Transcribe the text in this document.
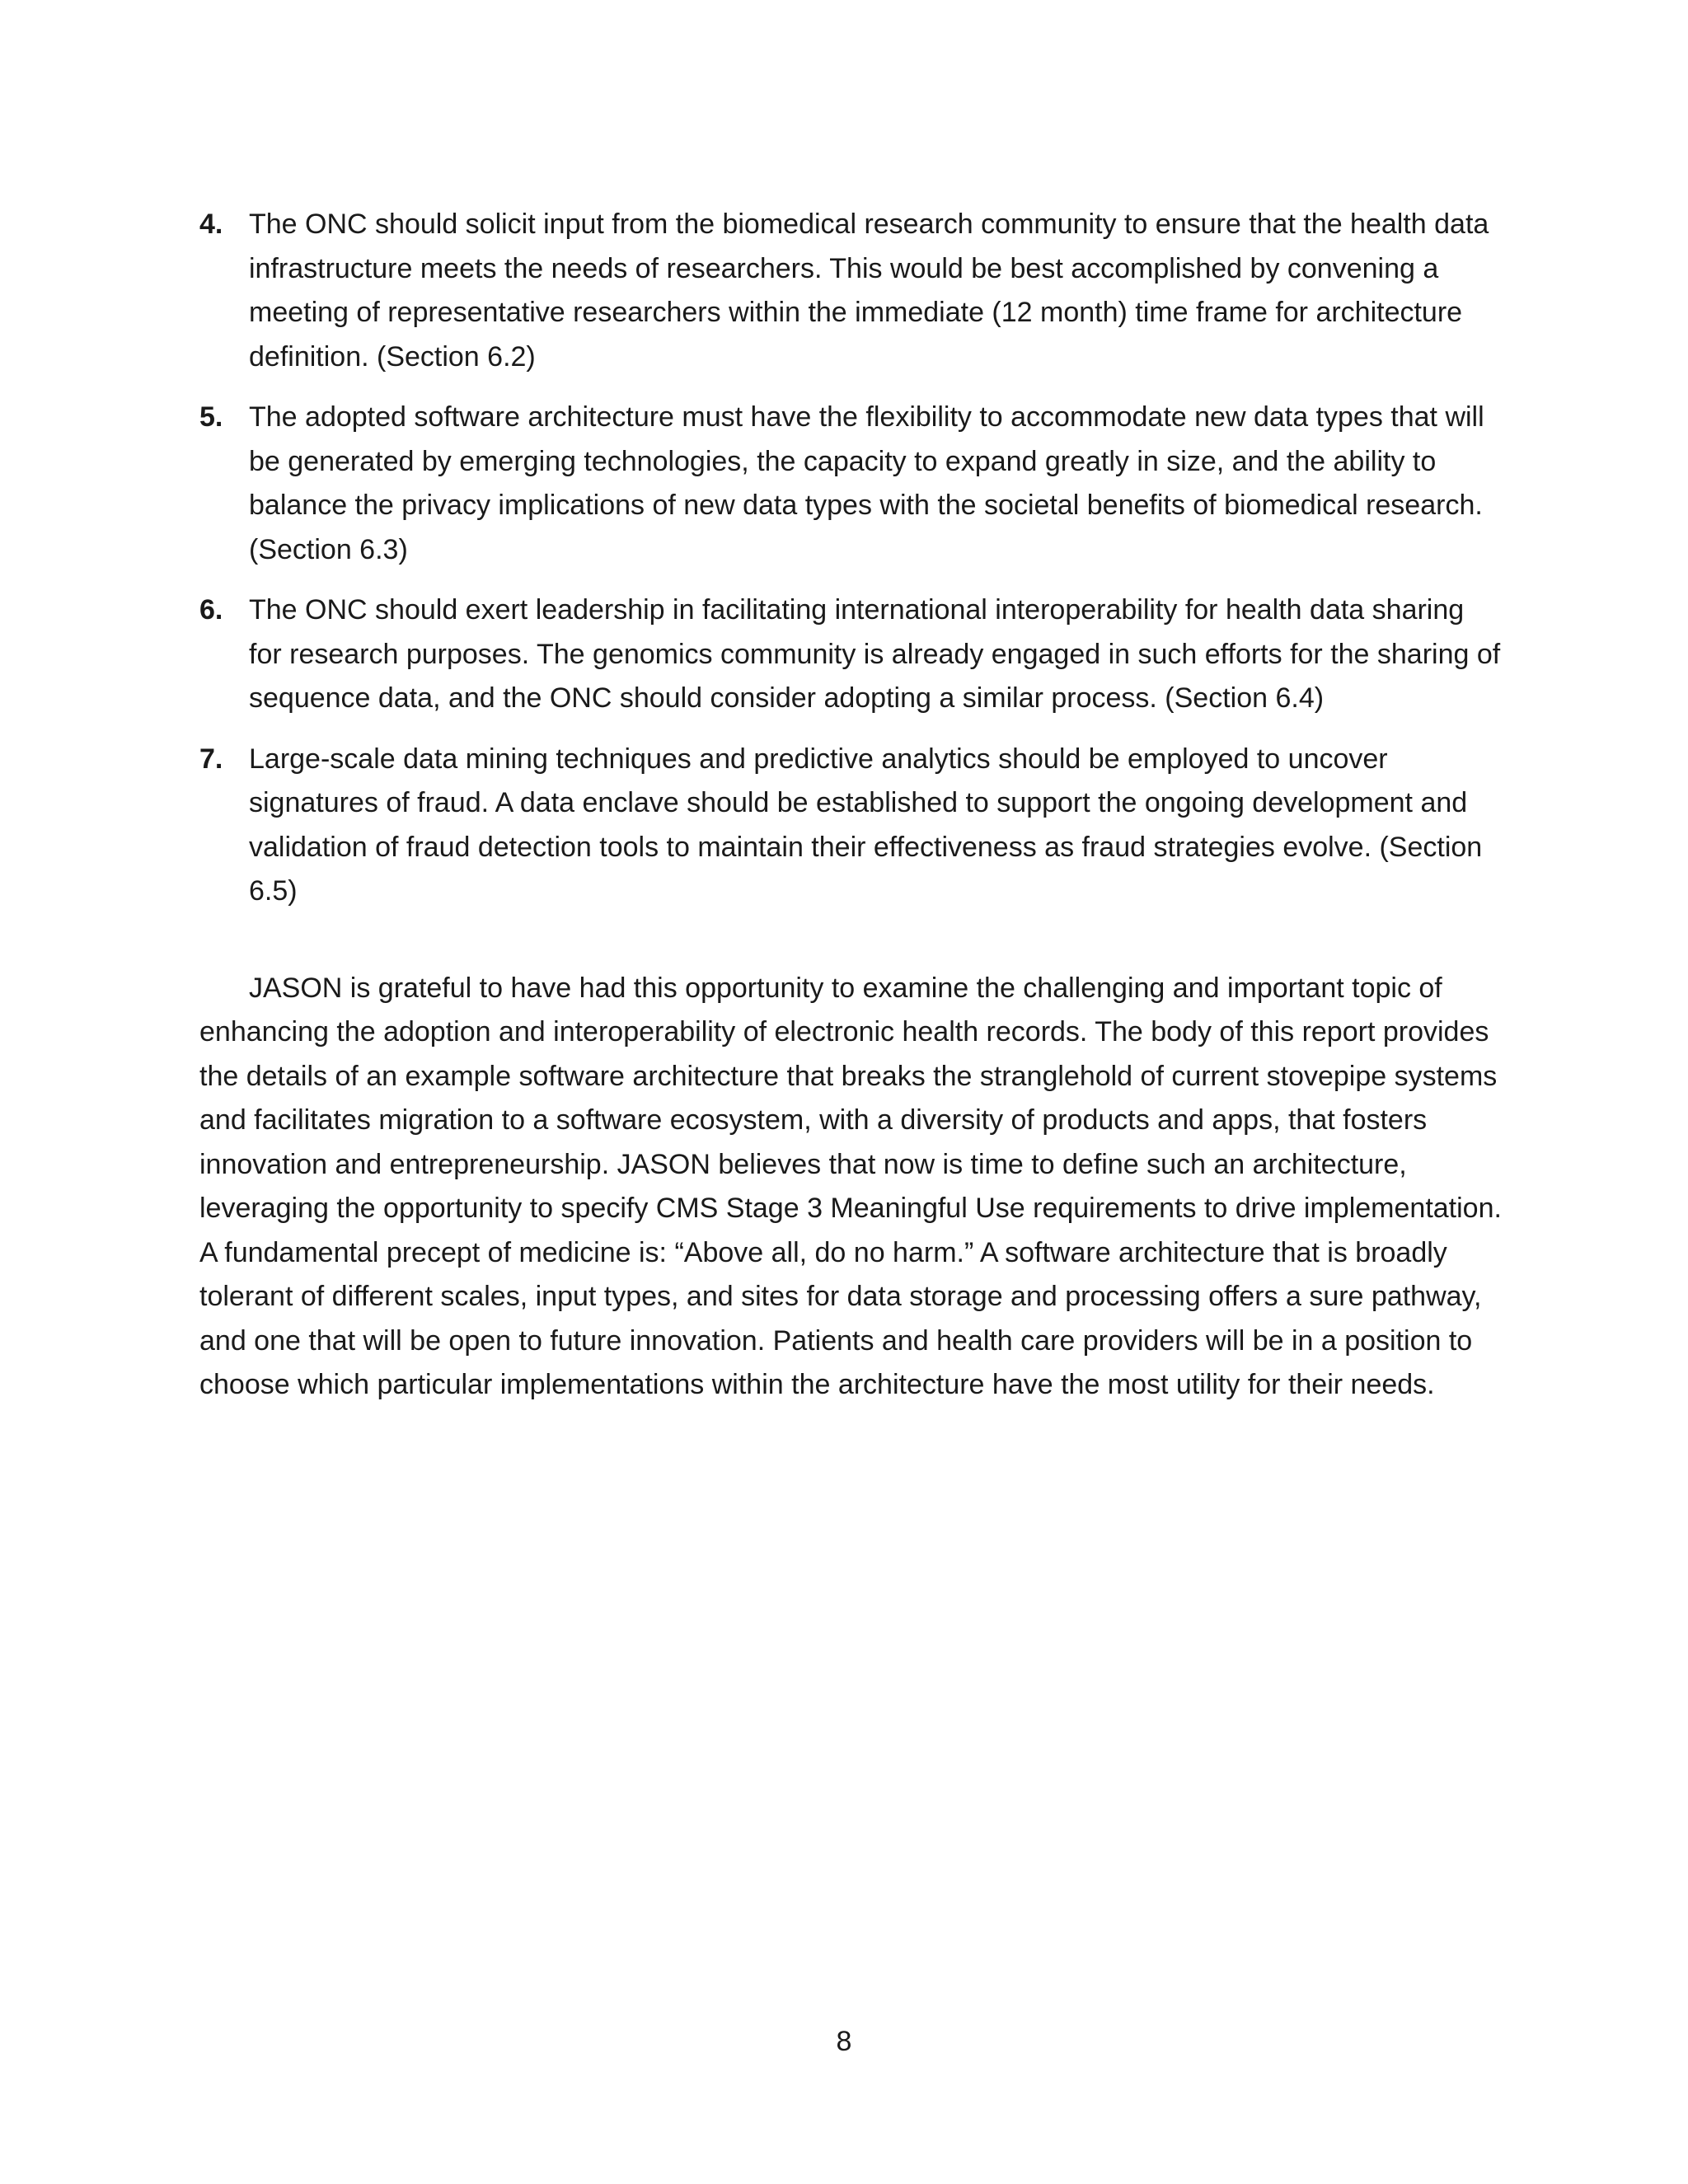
4. The ONC should solicit input from the biomedical research community to ensure that the health data infrastructure meets the needs of researchers. This would be best accomplished by convening a meeting of representative researchers within the immediate (12 month) time frame for architecture definition. (Section 6.2)
5. The adopted software architecture must have the flexibility to accommodate new data types that will be generated by emerging technologies, the capacity to expand greatly in size, and the ability to balance the privacy implications of new data types with the societal benefits of biomedical research. (Section 6.3)
6. The ONC should exert leadership in facilitating international interoperability for health data sharing for research purposes. The genomics community is already engaged in such efforts for the sharing of sequence data, and the ONC should consider adopting a similar process. (Section 6.4)
7. Large-scale data mining techniques and predictive analytics should be employed to uncover signatures of fraud. A data enclave should be established to support the ongoing development and validation of fraud detection tools to maintain their effectiveness as fraud strategies evolve. (Section 6.5)

JASON is grateful to have had this opportunity to examine the challenging and important topic of enhancing the adoption and interoperability of electronic health records. The body of this report provides the details of an example software architecture that breaks the stranglehold of current stovepipe systems and facilitates migration to a software ecosystem, with a diversity of products and apps, that fosters innovation and entrepreneurship. JASON believes that now is time to define such an architecture, leveraging the opportunity to specify CMS Stage 3 Meaningful Use requirements to drive implementation. A fundamental precept of medicine is: “Above all, do no harm.” A software architecture that is broadly tolerant of different scales, input types, and sites for data storage and processing offers a sure pathway, and one that will be open to future innovation. Patients and health care providers will be in a position to choose which particular implementations within the architecture have the most utility for their needs.

8
